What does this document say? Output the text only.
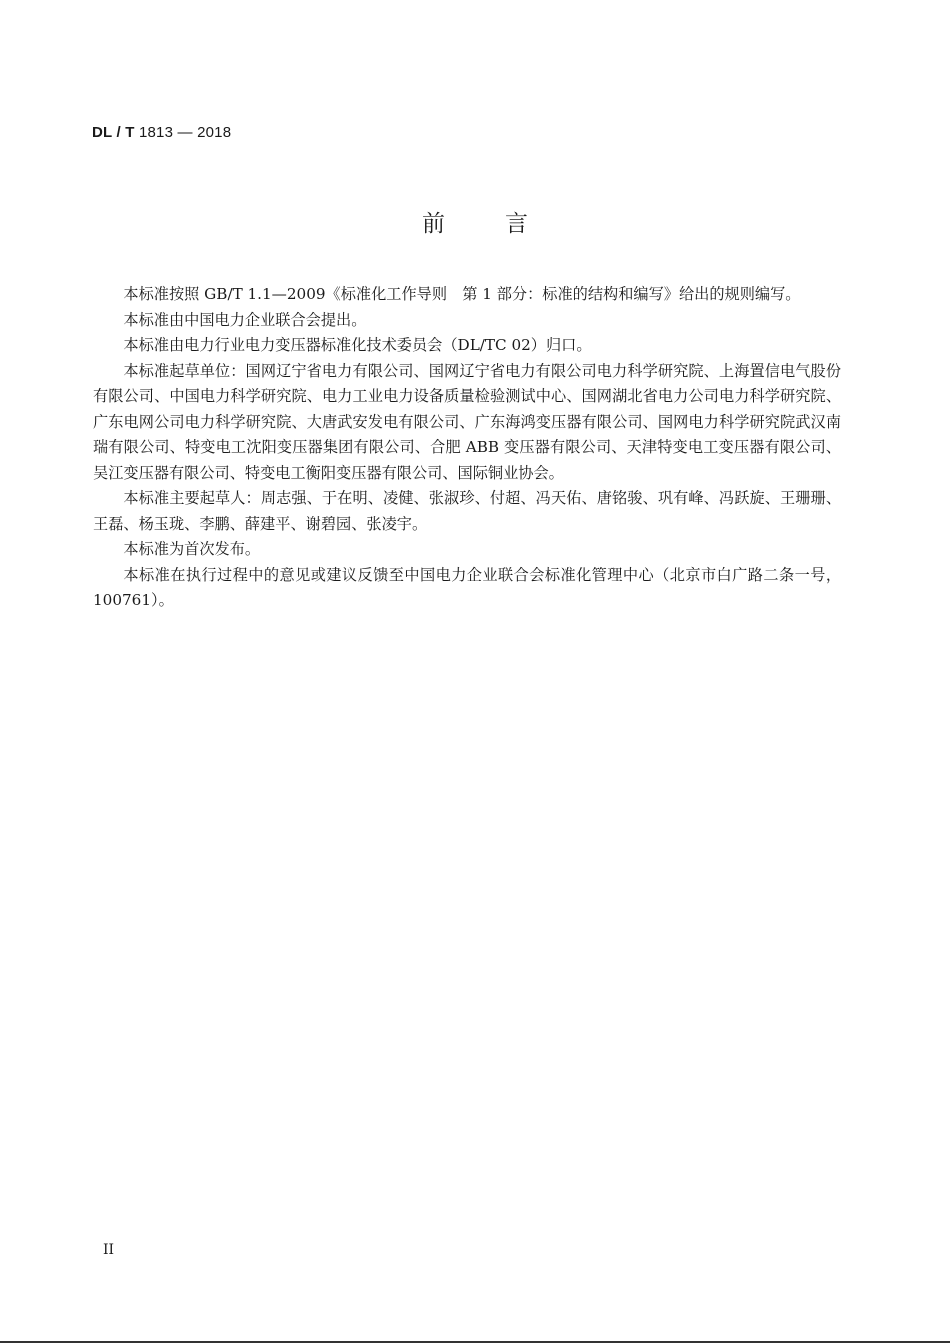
DL / T 1813 — 2018
前言

本标准按照 GB/T 1.1—2009《标准化工作导则　第 1 部分：标准的结构和编写》给出的规则编写。

本标准由中国电力企业联合会提出。

本标准由电力行业电力变压器标准化技术委员会（DL/TC 02）归口。

本标准起草单位：国网辽宁省电力有限公司、国网辽宁省电力有限公司电力科学研究院、上海置信电气股份有限公司、中国电力科学研究院、电力工业电力设备质量检验测试中心、国网湖北省电力公司电力科学研究院、广东电网公司电力科学研究院、大唐武安发电有限公司、广东海鸿变压器有限公司、国网电力科学研究院武汉南瑞有限公司、特变电工沈阳变压器集团有限公司、合肥 ABB 变压器有限公司、天津特变电工变压器有限公司、吴江变压器有限公司、特变电工衡阳变压器有限公司、国际铜业协会。

本标准主要起草人：周志强、于在明、凌健、张淑珍、付超、冯天佑、唐铭骏、巩有峰、冯跃旋、王珊珊、王磊、杨玉珑、李鹏、薛建平、谢碧园、张凌宇。

本标准为首次发布。

本标准在执行过程中的意见或建议反馈至中国电力企业联合会标准化管理中心（北京市白广路二条一号，100761）。

II
